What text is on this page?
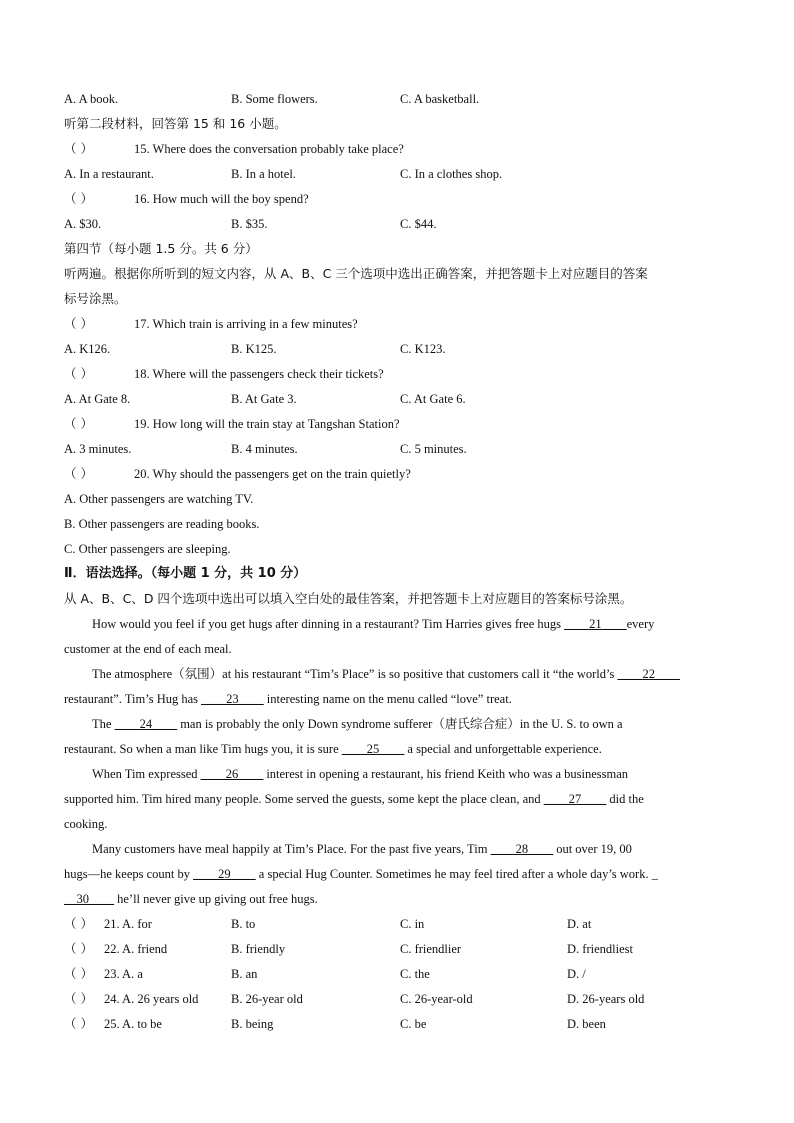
A. A book.	B. Some flowers.	C. A basketball.
听第二段材料，回答第 15 和 16 小题。
（ ）	15. Where does the conversation probably take place?
A. In a restaurant.	B. In a hotel.	C. In a clothes shop.
（ ）	16. How much will the boy spend?
A. $30.	B. $35.	C. $44.
第四节（每小题 1.5 分。共 6 分）
听两遍。根据你所听到的短文内容，从 A、B、C 三个选项中选出正确答案，并把答题卡上对应题目的答案
标号涂黑。
（ ）	17. Which train is arriving in a few minutes?
A. K126.	B. K125.	C. K123.
（ ）	18. Where will the passengers check their tickets?
A. At Gate 8.	B. At Gate 3.	C. At Gate 6.
（ ）	19. How long will the train stay at Tangshan Station?
A. 3 minutes.	B. 4 minutes.	C. 5 minutes.
（ ）	20. Why should the passengers get on the train quietly?
A. Other passengers are watching TV.
B. Other passengers are reading books.
C. Other passengers are sleeping.
Ⅱ．语法选择。（每小题 1 分，共 10 分）
从 A、B、C、D 四个选项中选出可以填入空白处的最佳答案，并把答题卡上对应题目的答案标号涂黑。
How would you feel if you get hugs after dinning in a restaurant? Tim Harries gives free hugs ____21____every
customer at the end of each meal.
The atmosphere（氛围）at his restaurant “Tim’s Place” is so positive that customers call it “the world’s ____22____
restaurant”. Tim’s Hug has ____23____ interesting name on the menu called “love” treat.
The ____24____ man is probably the only Down syndrome sufferer（唐氏综合症）in the U. S. to own a
restaurant. So when a man like Tim hugs you, it is sure ____25____ a special and unforgettable experience.
When Tim expressed ____26____ interest in opening a restaurant, his friend Keith who was a businessman
supported him. Tim hired many people. Some served the guests, some kept the place clean, and ____27____ did the
cooking.
Many customers have meal happily at Tim’s Place. For the past five years, Tim ____28____ out over 19, 00
hugs—he keeps count by ____29____ a special Hug Counter. Sometimes he may feel tired after a whole day’s work. _
__30____ he’ll never give up giving out free hugs.
（ ） 21. A. for	B. to	C. in	D. at
（ ） 22. A. friend	B. friendly	C. friendlier	D. friendliest
（ ） 23. A. a	B. an	C. the	D. /
（ ） 24. A. 26 years old	B. 26-year old	C. 26-year-old	D. 26-years old
（ ） 25. A. to be	B. being	C. be	D. been
